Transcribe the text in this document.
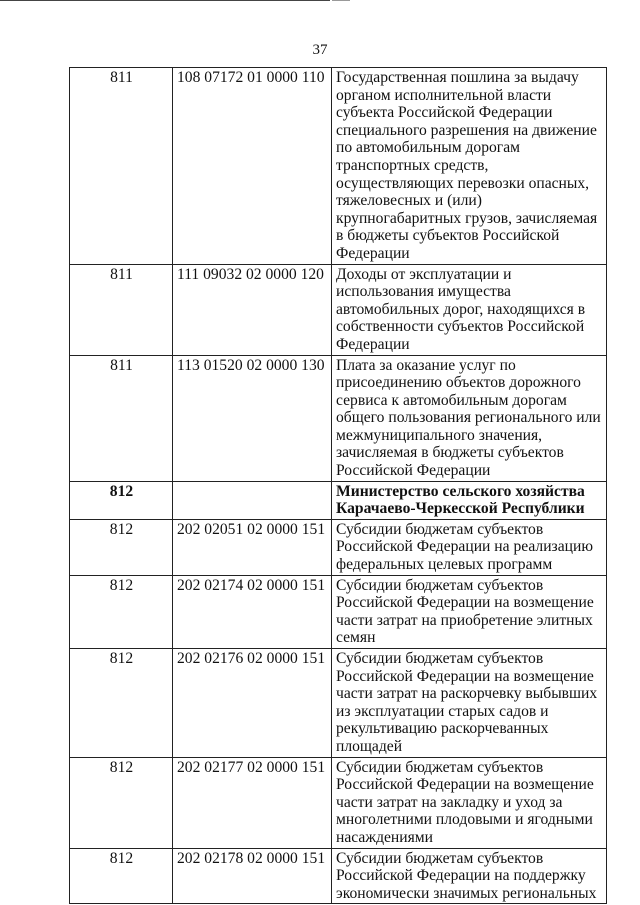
37
811	108 07172 01 0000 110	Государственная пошлина за выдачу органом исполнительной власти субъекта Российской Федерации специального разрешения на движение по автомобильным дорогам транспортных средств, осуществляющих перевозки опасных, тяжеловесных и (или) крупногабаритных грузов, зачисляемая в бюджеты субъектов Российской Федерации
811	111 09032 02 0000 120	Доходы от эксплуатации и использования имущества автомобильных дорог, находящихся в собственности субъектов Российской Федерации
811	113 01520 02 0000 130	Плата за оказание услуг по присоединению объектов дорожного сервиса к автомобильным дорогам общего пользования регионального или межмуниципального значения, зачисляемая в бюджеты субъектов Российской Федерации
812		Министерство сельского хозяйства Карачаево-Черкесской Республики
812	202 02051 02 0000 151	Субсидии бюджетам субъектов Российской Федерации на реализацию федеральных целевых программ
812	202 02174 02 0000 151	Субсидии бюджетам субъектов Российской Федерации на возмещение части затрат на приобретение элитных семян
812	202 02176 02 0000 151	Субсидии бюджетам субъектов Российской Федерации на возмещение части затрат на раскорчевку выбывших из эксплуатации старых садов и рекультивацию раскорчеванных площадей
812	202 02177 02 0000 151	Субсидии бюджетам субъектов Российской Федерации на возмещение части затрат на закладку и уход за многолетними плодовыми и ягодными насаждениями
812	202 02178 02 0000 151	Субсидии бюджетам субъектов Российской Федерации на поддержку экономически значимых региональных
